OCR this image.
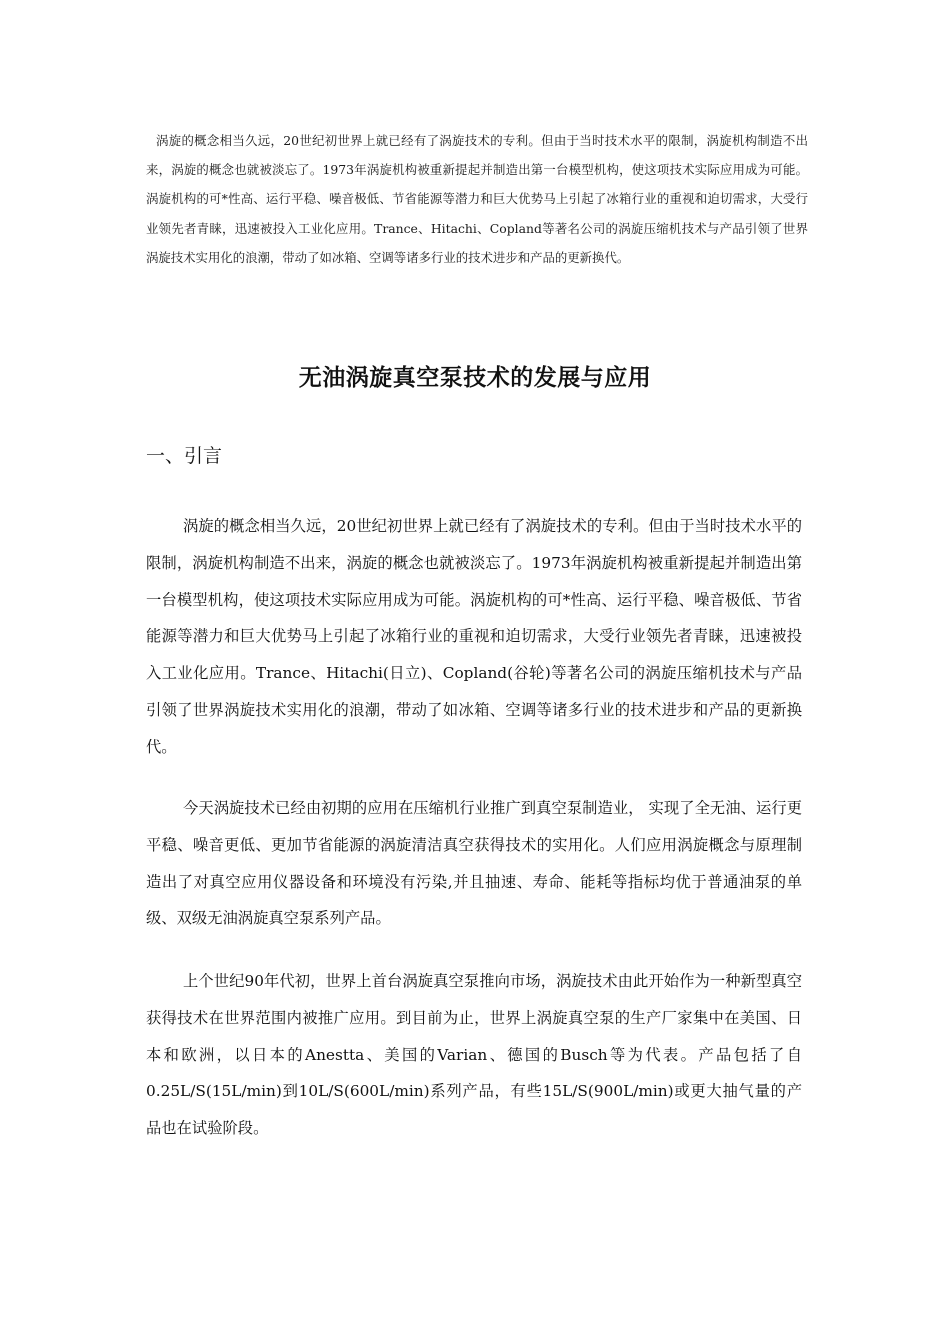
涡旋的概念相当久远，20世纪初世界上就已经有了涡旋技术的专利。但由于当时技术水平的限制，涡旋机构制造不出来，涡旋的概念也就被淡忘了。1973年涡旋机构被重新提起并制造出第一台模型机构，使这项技术实际应用成为可能。涡旋机构的可*性高、运行平稳、噪音极低、节省能源等潜力和巨大优势马上引起了冰箱行业的重视和迫切需求，大受行业领先者青睐，迅速被投入工业化应用。Trance、Hitachi、Copland等著名公司的涡旋压缩机技术与产品引领了世界涡旋技术实用化的浪潮，带动了如冰箱、空调等诸多行业的技术进步和产品的更新换代。

无油涡旋真空泵技术的发展与应用
一、引言

涡旋的概念相当久远，20世纪初世界上就已经有了涡旋技术的专利。但由于当时技术水平的限制，涡旋机构制造不出来，涡旋的概念也就被淡忘了。1973年涡旋机构被重新提起并制造出第一台模型机构，使这项技术实际应用成为可能。涡旋机构的可*性高、运行平稳、噪音极低、节省能源等潜力和巨大优势马上引起了冰箱行业的重视和迫切需求，大受行业领先者青睐，迅速被投入工业化应用。Trance、Hitachi(日立)、Copland(谷轮)等著名公司的涡旋压缩机技术与产品引领了世界涡旋技术实用化的浪潮，带动了如冰箱、空调等诸多行业的技术进步和产品的更新换代。

今天涡旋技术已经由初期的应用在压缩机行业推广到真空泵制造业， 实现了全无油、运行更平稳、噪音更低、更加节省能源的涡旋清洁真空获得技术的实用化。人们应用涡旋概念与原理制造出了对真空应用仪器设备和环境没有污染,并且抽速、寿命、能耗等指标均优于普通油泵的单级、双级无油涡旋真空泵系列产品。

上个世纪90年代初，世界上首台涡旋真空泵推向市场，涡旋技术由此开始作为一种新型真空获得技术在世界范围内被推广应用。到目前为止，世界上涡旋真空泵的生产厂家集中在美国、日本和欧洲，以日本的Anestta、美国的Varian、德国的Busch等为代表。产品包括了自0.25L/S(15L/min)到10L/S(600L/min)系列产品，有些15L/S(900L/min)或更大抽气量的产品也在试验阶段。
